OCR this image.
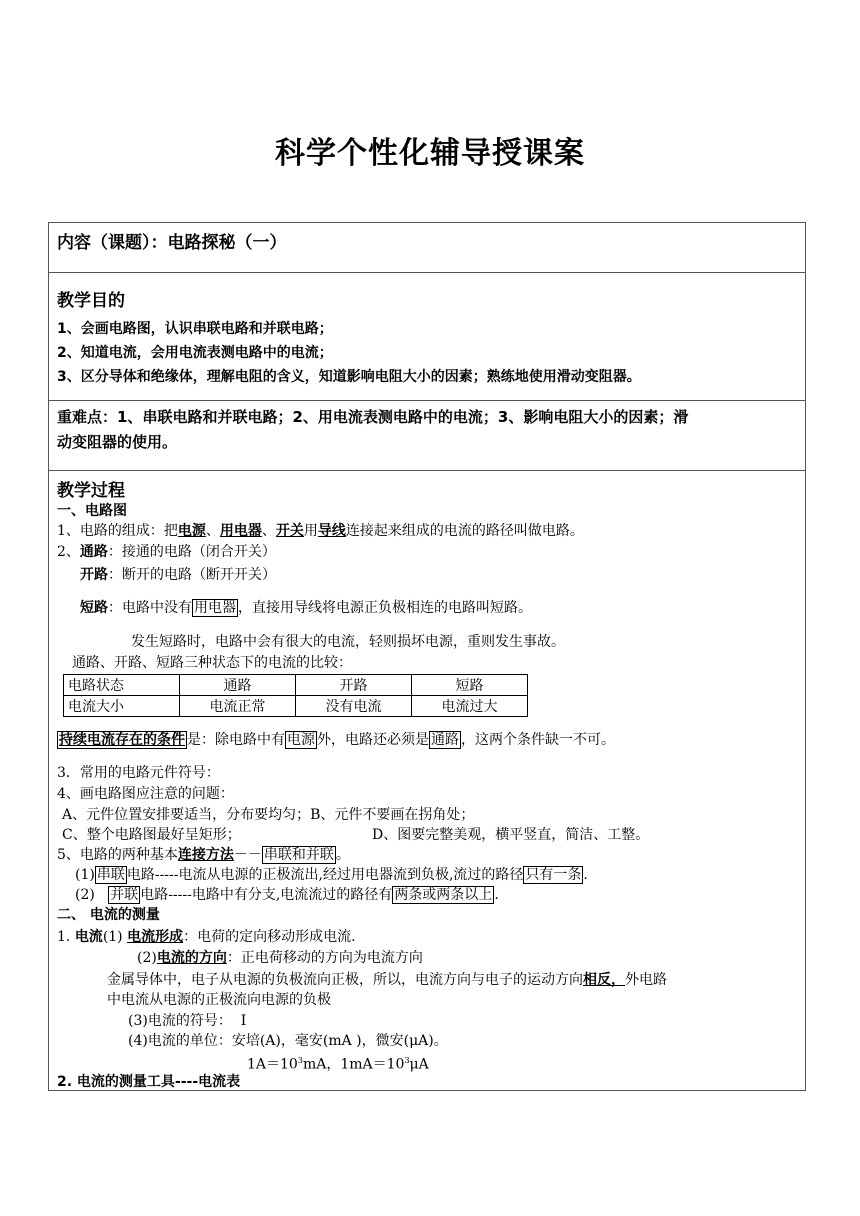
科学个性化辅导授课案
内容（课题）：电路探秘（一）
教学目的
1、会画电路图，认识串联电路和并联电路；
2、知道电流，会用电流表测电路中的电流；
3、区分导体和绝缘体，理解电阻的含义，知道影响电阻大小的因素；熟练地使用滑动变阻器。
重难点：1、串联电路和并联电路；2、用电流表测电路中的电流；3、影响电阻大小的因素；滑
动变阻器的使用。
教学过程
一、电路图
1、电路的组成：把电源、用电器、开关用导线连接起来组成的电流的路径叫做电路。
2、通路：接通的电路（闭合开关）
开路：断开的电路（断开开关）
短路：电路中没有 用电器 ，直接用导线将电源正负极相连的电路叫短路。
发生短路时，电路中会有很大的电流，轻则损坏电源，重则发生事故。
通路、开路、短路三种状态下的电流的比较：
电路状态	通路	开路	短路
电流大小	电流正常	没有电流	电流过大
持续电流存在的条件 是：除电路中有 电源 外，电路还必须是 通路 ，这两个条件缺一不可。
3．常用的电路元件符号：
4、画电路图应注意的问题：
A、元件位置安排要适当，分布要均匀；B、元件不要画在拐角处；
C、整个电路图最好呈矩形；	D、图要完整美观，横平竖直，简洁、工整。
5、电路的两种基本连接方法－－ 串联和并联 。
(1) 串联 电路-----电流从电源的正极流出,经过用电器流到负极,流过的路径 只有一条 .
(2) 并联 电路-----电路中有分支,电流流过的路径有 两条或两条以上 .
二、 电流的测量
1. 电流(1) 电流形成：电荷的定向移动形成电流.
(2)电流的方向：正电荷移动的方向为电流方向
金属导体中，电子从电源的负极流向正极，所以，电流方向与电子的运动方向相反，外电路
中电流从电源的正极流向电源的负极
(3)电流的符号： I
(4)电流的单位：安培(A)，毫安(mA )，微安(μA)。
$1A=10^3mA$，$1mA=10^3\mu A$
2. 电流的测量工具----电流表
